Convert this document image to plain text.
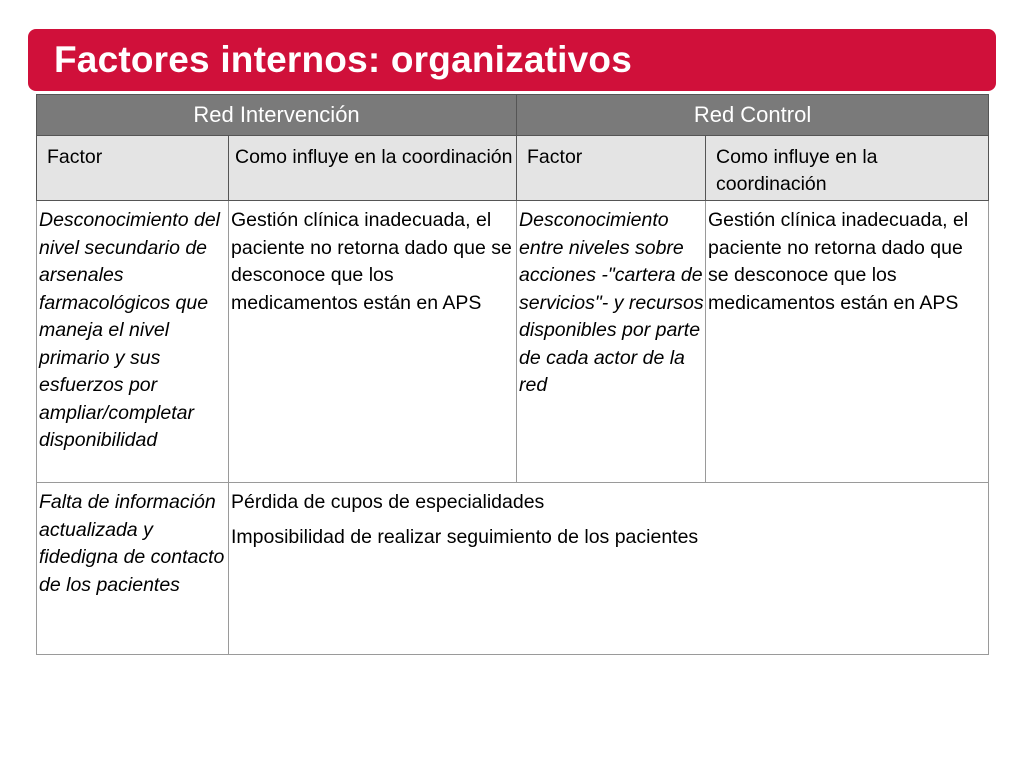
Factores internos: organizativos
Red Intervención		Red Control	

Factor	Como influye en la coordinación	Factor	Como influye en la coordinación

Desconocimiento del nivel secundario de arsenales farmacológicos que maneja el nivel primario y sus esfuerzos por ampliar/completar disponibilidad	Gestión clínica inadecuada, el paciente no retorna dado que se desconoce que los medicamentos están en APS	Desconocimiento entre niveles sobre acciones -"cartera de servicios"- y recursos disponibles por parte de cada actor de la red	Gestión clínica inadecuada, el paciente no retorna dado que se desconoce que los medicamentos están en APS
Falta de información actualizada y fidedigna de contacto de los pacientes	Pérdida de cupos de especialidades

Imposibilidad de realizar seguimiento de los pacientes		
